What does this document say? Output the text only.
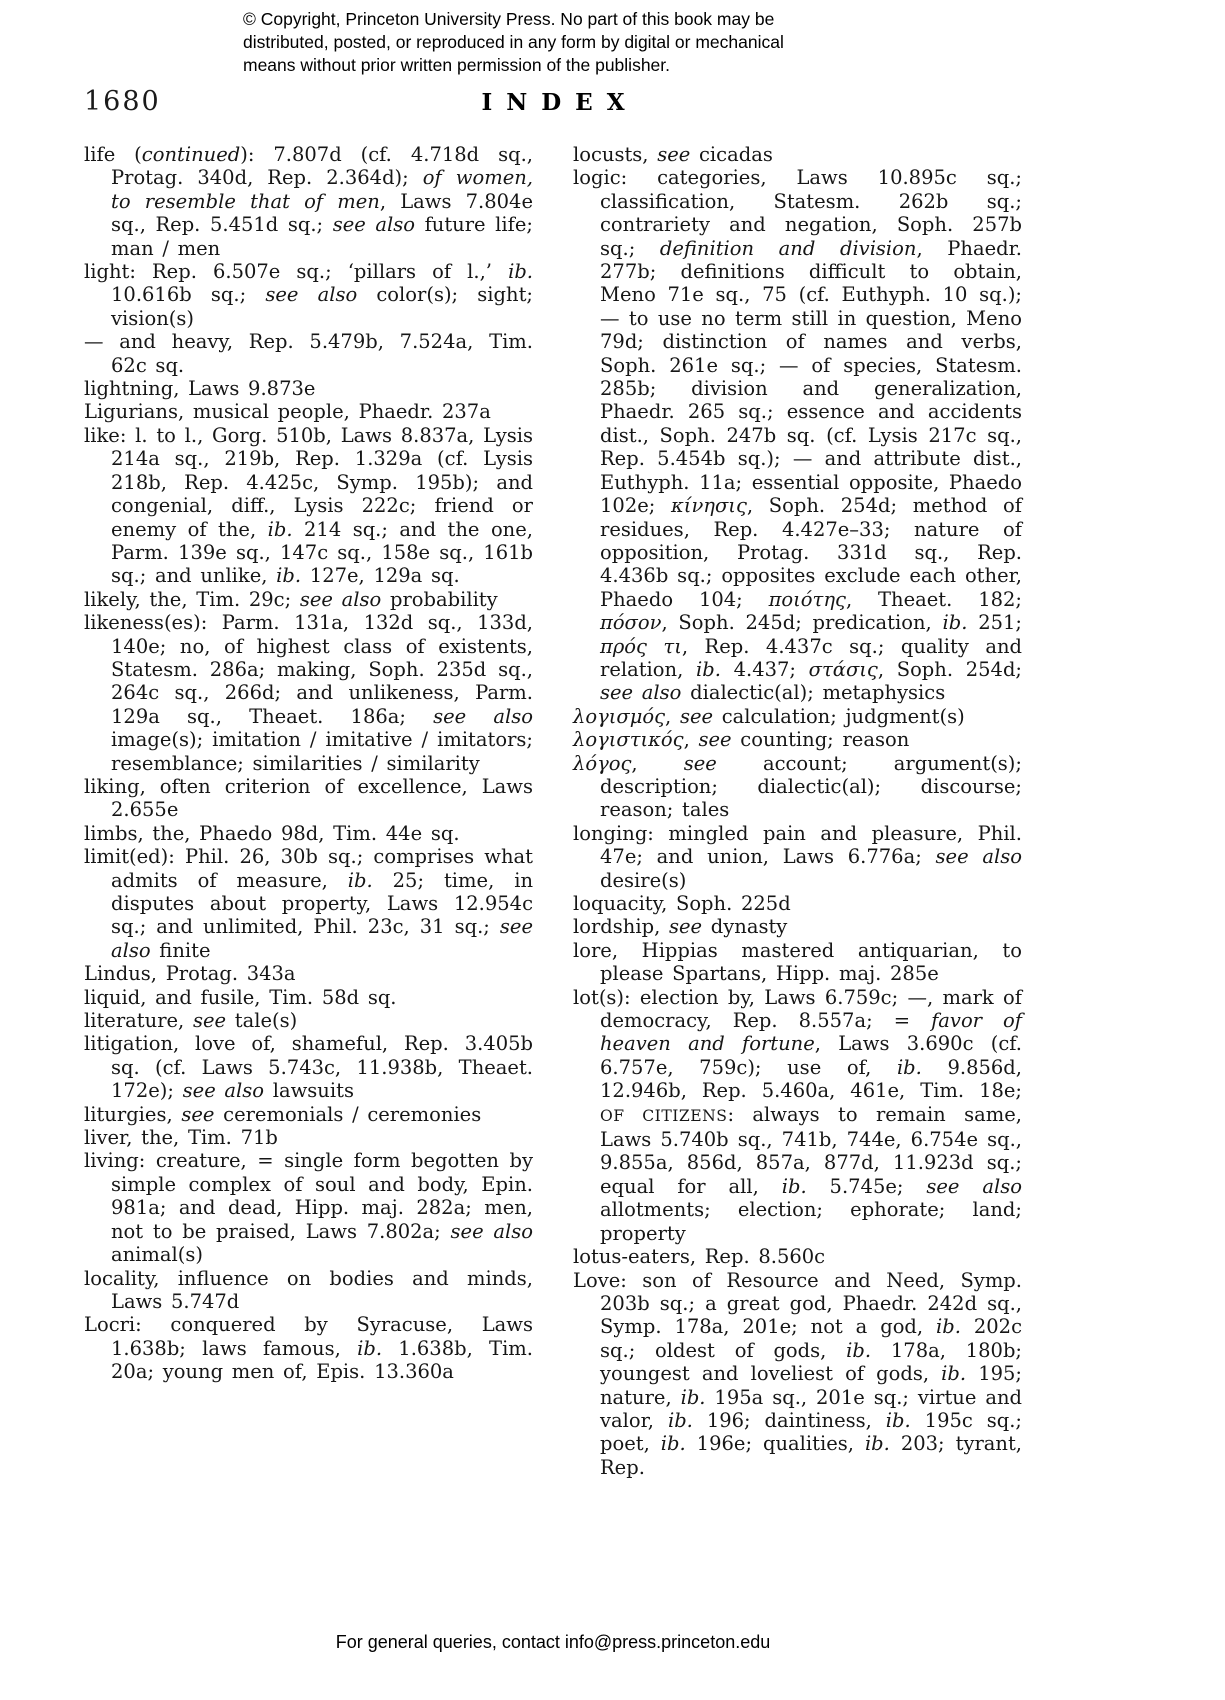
© Copyright, Princeton University Press. No part of this book may be
distributed, posted, or reproduced in any form by digital or mechanical
means without prior written permission of the publisher.
1680	INDEX
life (continued): 7.807d (cf. 4.718d sq., Protag. 340d, Rep. 2.364d); of women, to resemble that of men, Laws 7.804e sq., Rep. 5.451d sq.; see also future life; man / men
light: Rep. 6.507e sq.; ‘pillars of l.,’ ib. 10.616b sq.; see also color(s); sight; vision(s)
— and heavy, Rep. 5.479b, 7.524a, Tim. 62c sq.
lightning, Laws 9.873e
Ligurians, musical people, Phaedr. 237a
like: l. to l., Gorg. 510b, Laws 8.837a, Lysis 214a sq., 219b, Rep. 1.329a (cf. Lysis 218b, Rep. 4.425c, Symp. 195b); and congenial, diff., Lysis 222c; friend or enemy of the, ib. 214 sq.; and the one, Parm. 139e sq., 147c sq., 158e sq., 161b sq.; and unlike, ib. 127e, 129a sq.
likely, the, Tim. 29c; see also probability
likeness(es): Parm. 131a, 132d sq., 133d, 140e; no, of highest class of existents, Statesm. 286a; making, Soph. 235d sq., 264c sq., 266d; and unlikeness, Parm. 129a sq., Theaet. 186a; see also image(s); imitation / imitative / imitators; resemblance; similarities / similarity
liking, often criterion of excellence, Laws 2.655e
limbs, the, Phaedo 98d, Tim. 44e sq.
limit(ed): Phil. 26, 30b sq.; comprises what admits of measure, ib. 25; time, in disputes about property, Laws 12.954c sq.; and unlimited, Phil. 23c, 31 sq.; see also finite
Lindus, Protag. 343a
liquid, and fusile, Tim. 58d sq.
literature, see tale(s)
litigation, love of, shameful, Rep. 3.405b sq. (cf. Laws 5.743c, 11.938b, Theaet. 172e); see also lawsuits
liturgies, see ceremonials / ceremonies
liver, the, Tim. 71b
living: creature, = single form begotten by simple complex of soul and body, Epin. 981a; and dead, Hipp. maj. 282a; men, not to be praised, Laws 7.802a; see also animal(s)
locality, influence on bodies and minds, Laws 5.747d
Locri: conquered by Syracuse, Laws 1.638b; laws famous, ib. 1.638b, Tim. 20a; young men of, Epis. 13.360a
locusts, see cicadas
logic: categories, Laws 10.895c sq.; classification, Statesm. 262b sq.; contrariety and negation, Soph. 257b sq.; definition and division, Phaedr. 277b; definitions difficult to obtain, Meno 71e sq., 75 (cf. Euthyph. 10 sq.); — to use no term still in question, Meno 79d; distinction of names and verbs, Soph. 261e sq.; — of species, Statesm. 285b; division and generalization, Phaedr. 265 sq.; essence and accidents dist., Soph. 247b sq. (cf. Lysis 217c sq., Rep. 5.454b sq.); — and attribute dist., Euthyph. 11a; essential opposite, Phaedo 102e; κίνησις, Soph. 254d; method of residues, Rep. 4.427e–33; nature of opposition, Protag. 331d sq., Rep. 4.436b sq.; opposites exclude each other, Phaedo 104; ποιότης, Theaet. 182; πόσον, Soph. 245d; predication, ib. 251; πρός τι, Rep. 4.437c sq.; quality and relation, ib. 4.437; στάσις, Soph. 254d; see also dialectic(al); metaphysics
λογισμός, see calculation; judgment(s)
λογιστικός, see counting; reason
λόγος, see account; argument(s); description; dialectic(al); discourse; reason; tales
longing: mingled pain and pleasure, Phil. 47e; and union, Laws 6.776a; see also desire(s)
loquacity, Soph. 225d
lordship, see dynasty
lore, Hippias mastered antiquarian, to please Spartans, Hipp. maj. 285e
lot(s): election by, Laws 6.759c; —, mark of democracy, Rep. 8.557a; = favor of heaven and fortune, Laws 3.690c (cf. 6.757e, 759c); use of, ib. 9.856d, 12.946b, Rep. 5.460a, 461e, Tim. 18e; OF CITIZENS: always to remain same, Laws 5.740b sq., 741b, 744e, 6.754e sq., 9.855a, 856d, 857a, 877d, 11.923d sq.; equal for all, ib. 5.745e; see also allotments; election; ephorate; land; property
lotus-eaters, Rep. 8.560c
Love: son of Resource and Need, Symp. 203b sq.; a great god, Phaedr. 242d sq., Symp. 178a, 201e; not a god, ib. 202c sq.; oldest of gods, ib. 178a, 180b; youngest and loveliest of gods, ib. 195; nature, ib. 195a sq., 201e sq.; virtue and valor, ib. 196; daintiness, ib. 195c sq.; poet, ib. 196e; qualities, ib. 203; tyrant, Rep.
For general queries, contact info@press.princeton.edu
